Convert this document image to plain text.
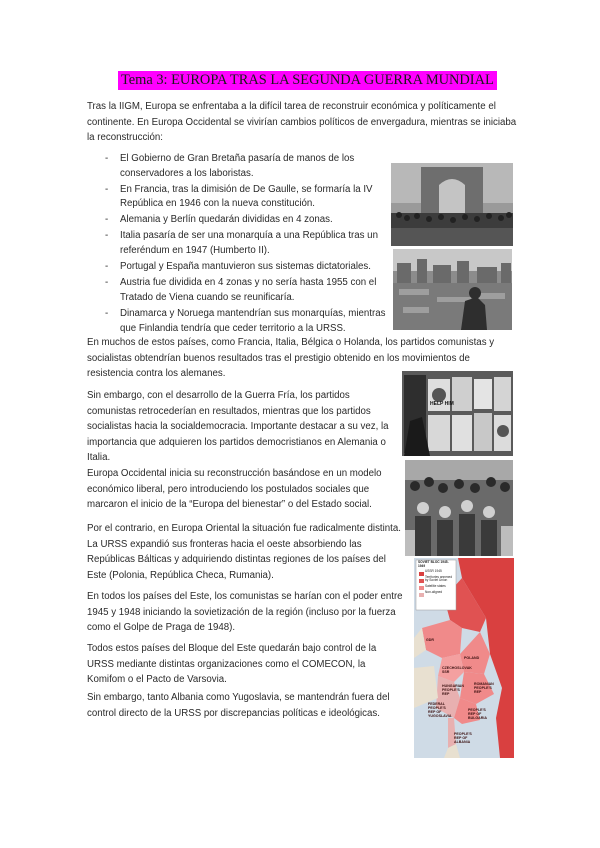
Tema 3: EUROPA TRAS LA SEGUNDA GUERRA MUNDIAL

Tras la IIGM, Europa se enfrentaba a la difícil tarea de reconstruir económica y políticamente el continente. En Europa Occidental se vivirían cambios políticos de envergadura, mientras se iniciaba la reconstrucción:

- El Gobierno de Gran Bretaña pasaría de manos de los conservadores a los laboristas.
- En Francia, tras la dimisión de De Gaulle, se formaría la IV República en 1946 con la nueva constitución.
- Alemania y Berlín quedarán divididas en 4 zonas.
- Italia pasaría de ser una monarquía a una República tras un referéndum en 1947 (Humberto II).
- Portugal y España mantuvieron sus sistemas dictatoriales.
- Austria fue dividida en 4 zonas y no sería hasta 1955 con el Tratado de Viena cuando se reunificaría.
- Dinamarca y Noruega mantendrían sus monarquías, mientras que Finlandia tendría que ceder territorio a la URSS.

En muchos de estos países, como Francia, Italia, Bélgica o Holanda, los partidos comunistas y socialistas obtendrían buenos resultados tras el prestigio obtenido en los movimientos de resistencia contra los alemanes.

Sin embargo, con el desarrollo de la Guerra Fría, los partidos comunistas retrocederían en resultados, mientras que los partidos socialistas hacia la socialdemocracia. Importante destacar a su vez, la importancia que adquieren los partidos democristianos en Alemania o Italia.

HELP HIM

Europa Occidental inicia su reconstrucción basándose en un modelo económico liberal, pero introduciendo los postulados sociales que marcaron el inicio de la “Europa del bienestar” o del Estado social.

Por el contrario, en Europa Oriental la situación fue radicalmente distinta. La URSS expandió sus fronteras hacia el oeste absorbiendo las Repúblicas Bálticas y adquiriendo distintas regiones de los países del Este (Polonia, República Checa, Rumania).

En todos los países del Este, los comunistas se harían con el poder entre 1945 y 1948 iniciando la sovietización de la región (incluso por la fuerza como el Golpe de Praga de 1948).

Todos estos países del Bloque del Este quedarán bajo control de la URSS mediante distintas organizaciones como el COMECON, la Komifom o el Pacto de Varsovia.

Sin embargo, tanto Albania como Yugoslavia, se mantendrán fuera del control directo de la URSS por discrepancias políticas e ideológicas.

SOVIET BLOC 1945-1949
USSR 1945
Territories annexed by Soviet Union
Satellite states
Non-aligned
GDR
POLAND
CZECHOSLOVAK SSR
HUNGARIAN PEOPLE'S REP
ROMANIAN PEOPLE'S REP
PEOPLE'S REP OF BULGARIA
FEDERAL PEOPLE'S REP OF YUGOSLAVIA
PEOPLE'S REP OF ALBANIA
